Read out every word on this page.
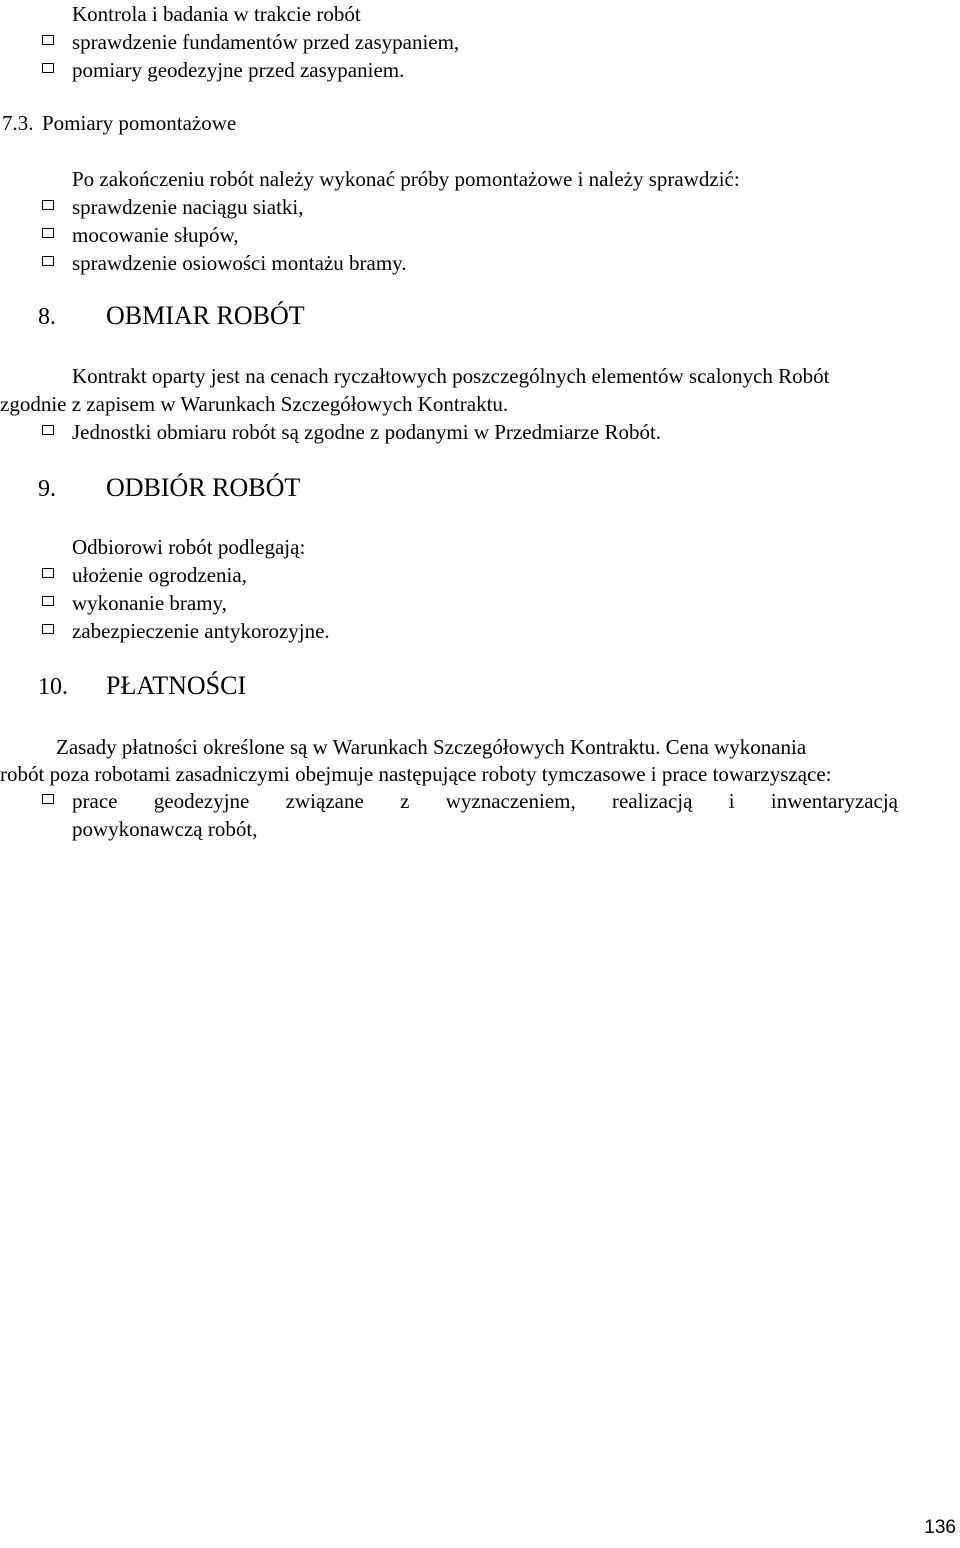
Kontrola i badania w trakcie robót
sprawdzenie fundamentów przed zasypaniem,
pomiary geodezyjne przed zasypaniem.
7.3. Pomiary pomontażowe
Po zakończeniu robót należy wykonać próby pomontażowe i należy sprawdzić:
sprawdzenie naciągu siatki,
mocowanie słupów,
sprawdzenie osiowości montażu bramy.
8. OBMIAR ROBÓT
Kontrakt oparty jest na cenach ryczałtowych poszczególnych elementów scalonych Robót
zgodnie z zapisem w Warunkach Szczegółowych Kontraktu.
Jednostki obmiaru robót są zgodne z podanymi w Przedmiarze Robót.
9. ODBIÓR ROBÓT
Odbiorowi robót podlegają:
ułożenie ogrodzenia,
wykonanie bramy,
zabezpieczenie antykorozyjne.
10. PŁATNOŚCI
Zasady płatności określone są w Warunkach Szczegółowych Kontraktu. Cena wykonania
robót poza robotami zasadniczymi obejmuje następujące roboty tymczasowe i prace towarzyszące:
prace geodezyjne związane z wyznaczeniem, realizacją i inwentaryzacją
powykonawczą robót,
136
